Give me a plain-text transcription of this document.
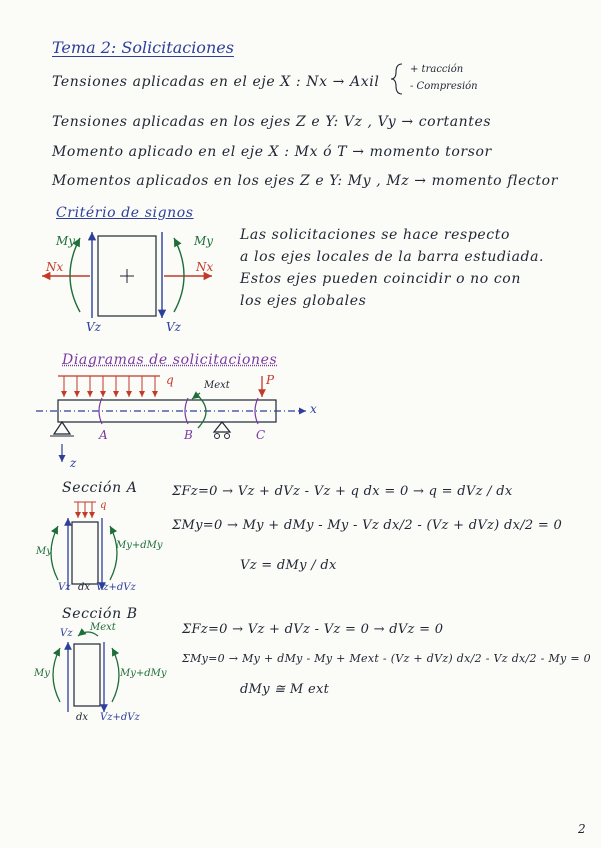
Tema 2: Solicitaciones
Tensiones aplicadas en el eje X : Nx → Axil
+ tracción
- Compresión
Tensiones aplicadas en los ejes Z e Y: Vz , Vy → cortantes
Momento aplicado en el eje X : Mx ó T → momento torsor
Momentos aplicados en los ejes Z e Y: My , Mz → momento flector
Critério de signos
Las solicitaciones se hace respecto
a los ejes locales de la barra estudiada.
Estos ejes pueden coincidir o no con
los ejes globales
My	My
Nx	Nx
Vz	Vz
Diagramas de solicitaciones
q	Mext	P
x
A	B	C
z
Sección A
q
My
My+dMy
Vz dx Vz+dVz
ΣFz=0 → Vz + dVz - Vz + q dx = 0 → q = dVz / dx
ΣMy=0 → My + dMy - My - Vz dx/2 - (Vz + dVz) dx/2 = 0
Vz = dMy / dx
Sección B
Vz
Mext
My	My+dMy
dx Vz+dVz
ΣFz=0 → Vz + dVz - Vz = 0 → dVz = 0
ΣMy=0 → My + dMy - My + Mext - (Vz + dVz) dx/2 - Vz dx/2 - My = 0
dMy ≅ M ext
2
